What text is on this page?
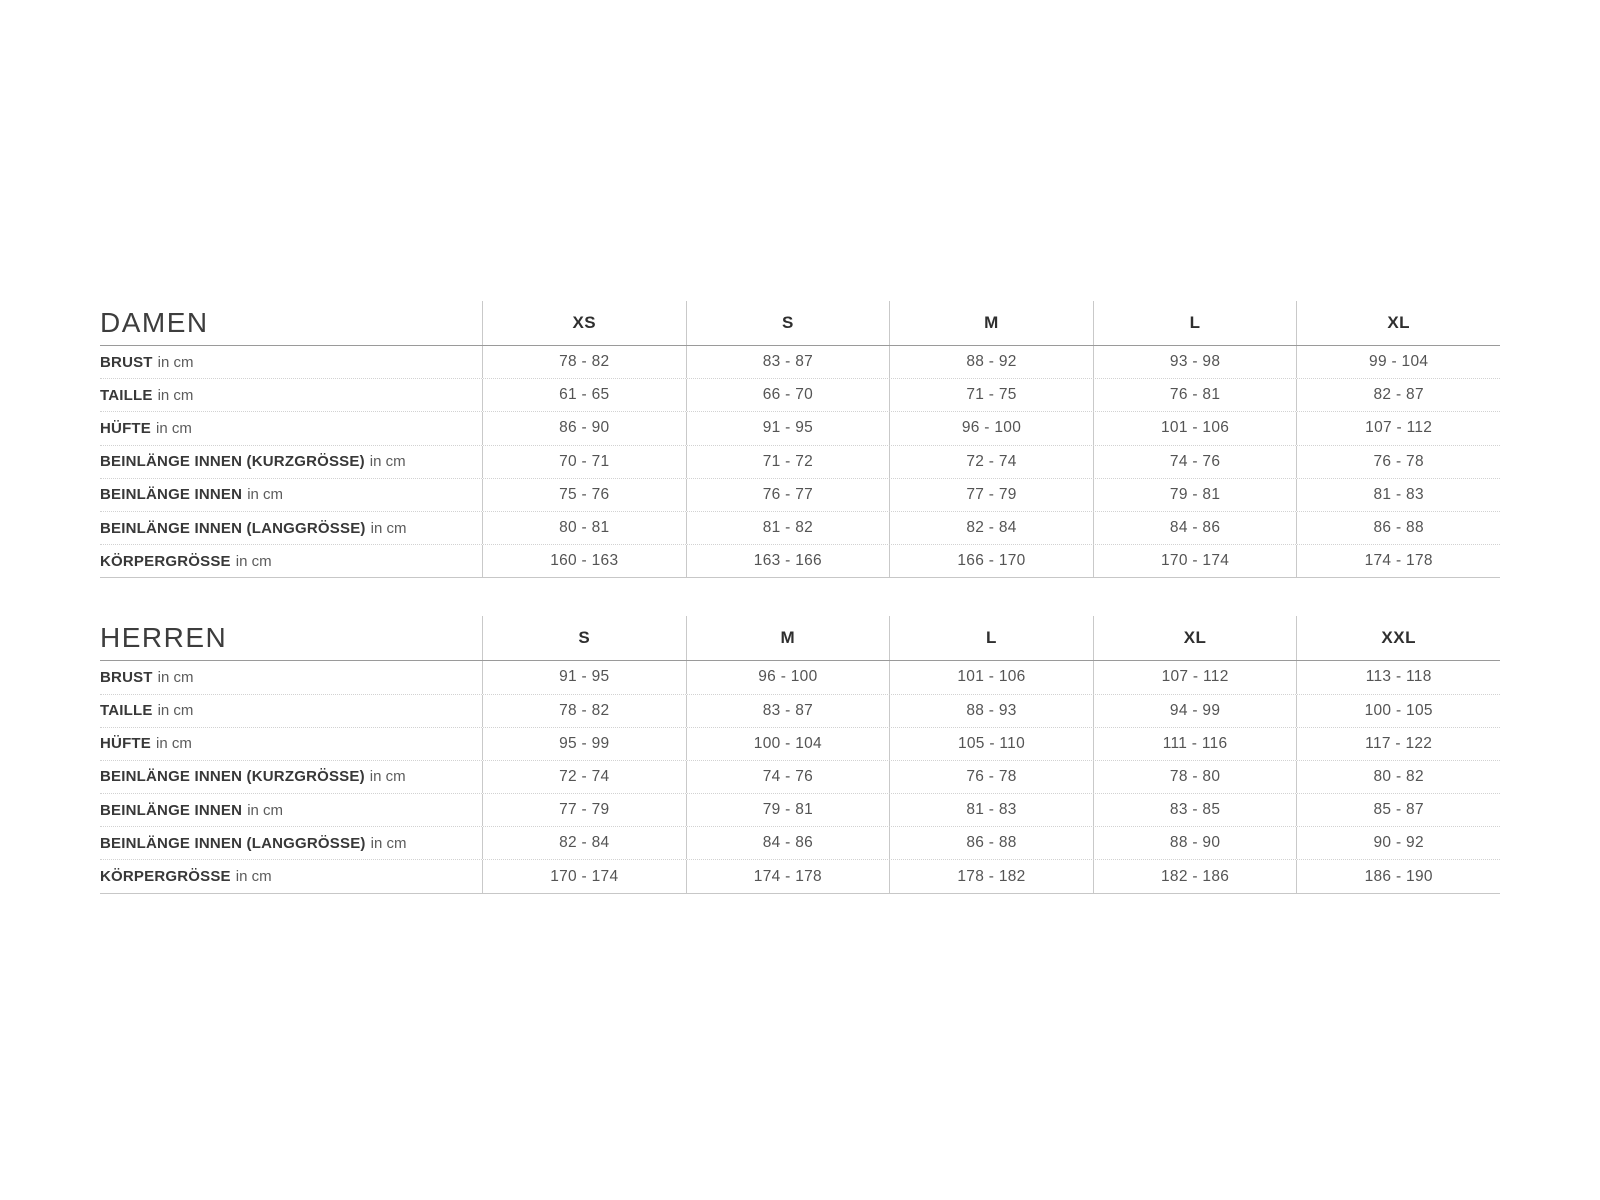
DAMEN	XS	S	M	L	XL
BRUST in cm	78 - 82	83 - 87	88 - 92	93 - 98	99 - 104
TAILLE in cm	61 - 65	66 - 70	71 - 75	76 - 81	82 - 87
HÜFTE in cm	86 - 90	91 - 95	96 - 100	101 - 106	107 - 112
BEINLÄNGE INNEN (KURZGRÖSSE) in cm	70 - 71	71 - 72	72 - 74	74 - 76	76 - 78
BEINLÄNGE INNEN in cm	75 - 76	76 - 77	77 - 79	79 - 81	81 - 83
BEINLÄNGE INNEN (LANGGRÖSSE) in cm	80 - 81	81 - 82	82 - 84	84 - 86	86 - 88
KÖRPERGRÖSSE in cm	160 - 163	163 - 166	166 - 170	170 - 174	174 - 178
HERREN	S	M	L	XL	XXL
BRUST in cm	91 - 95	96 - 100	101 - 106	107 - 112	113 - 118
TAILLE in cm	78 - 82	83 - 87	88 - 93	94 - 99	100 - 105
HÜFTE in cm	95 - 99	100 - 104	105 - 110	111 - 116	117 - 122
BEINLÄNGE INNEN (KURZGRÖSSE) in cm	72 - 74	74 - 76	76 - 78	78 - 80	80 - 82
BEINLÄNGE INNEN in cm	77 - 79	79 - 81	81 - 83	83 - 85	85 - 87
BEINLÄNGE INNEN (LANGGRÖSSE) in cm	82 - 84	84 - 86	86 - 88	88 - 90	90 - 92
KÖRPERGRÖSSE in cm	170 - 174	174 - 178	178 - 182	182 - 186	186 - 190
